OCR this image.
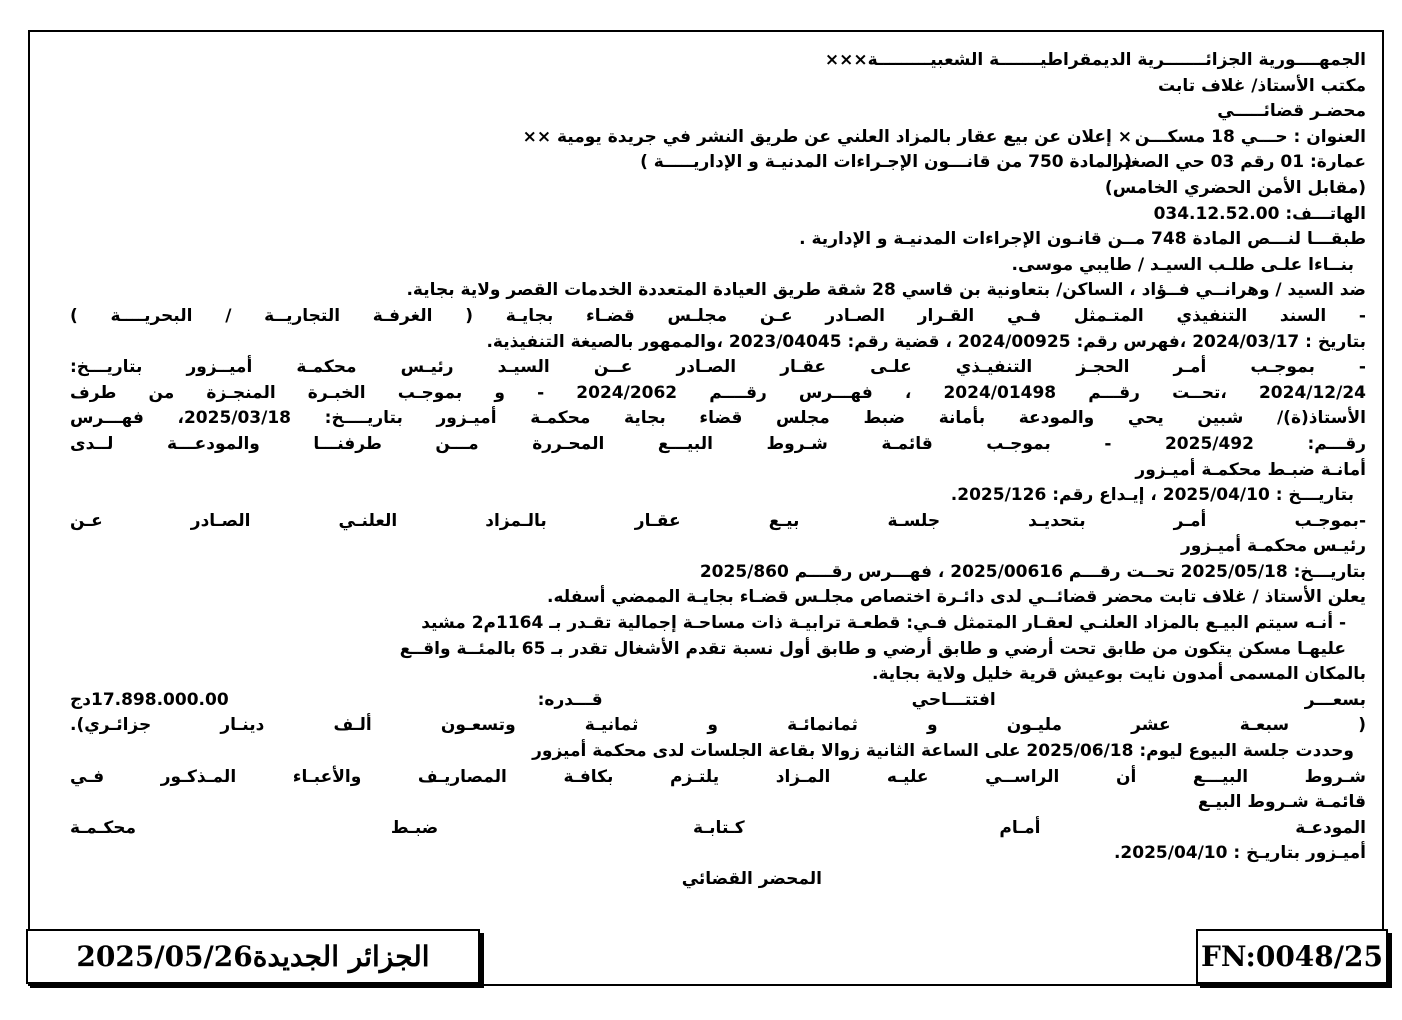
الجمهــــورية الجزائـــــــرية الديمقراطيـــــــة الشعبيـــــــــة×××
مكتب الأستاذ/ غلاف تابت
محضـر قضائـــــي
العنوان : حـــي 18 مسكـــن
× إعلان عن بيع عقار بالمزاد العلني عن طريق النشر في جريدة يومية ××
عمارة: 01 رقم 03 حي الصغير
( المادة 750 من قانـــون الإجـراءات المدنيـة و الإداريـــــة )
(مقابل الأمن الحضري الخامس)
الهاتـــف: 034.12.52.00
طبقـــا لنـــص المادة 748 مــن قانـون الإجراءات المدنيـة و الإدارية .
بنــاءا علـى طلـب السيـد / طايبي موسى.
ضد السيد / وهرانــي فــؤاد ، الساكن/ بتعاونية بن قاسي 28 شقة طريق العيادة المتعددة الخدمات القصر ولاية بجاية.
- السند التنفيذي المتـمثل فـي القـرار الصـادر عـن مجلـس قضـاء بجايـة ( الغرفـة التجاريــة / البحريــــة )
بتاريخ : 2024/03/17 ،فهرس رقم: 2024/00925 ، قضية رقم: 2023/04045 ،والممهور بالصيغة التنفيذية.
- بموجـب أمـر الحجـز التنفيـذي علـى عقـار الصـادر عــن السيـد رئيـس محكمـة أميــزور بتاريـــخ:
2024/12/24 ،تحــت رقـــم 2024/01498 ، فهـــرس رقــــم 2024/2062 - و بموجـب الخبـرة المنجـزة من طرف
الأستاذ(ة)/ شبين يحي والمودعة بأمانة ضبط مجلس قضاء بجاية محكمـة أميـزور بتاريــــخ: 2025/03/18، فهـــرس
رقـــم: 2025/492 - بموجـب قائمـة شـروط البيـــع المحـررة مـــن طرفنـــا والمودعـــة لــدى
أمانـة ضبـط محكمـة أميـزور
بتاريـــخ : 2025/04/10 ، إيـداع رقم: 2025/126.
-بموجـب أمـر بتحديـد جلسـة بيـع عقـار بالـمزاد العلنـي الصـادر عـن
رئيـس محكمـة أميـزور
بتاريـــخ: 2025/05/18 تحــت رقـــم 2025/00616 ، فهـــرس رقــــم 2025/860
يعلن الأستاذ / غلاف تابت محضر قضائــي لدى دائـرة اختصاص مجلـس قضـاء بجايـة الممضي أسفله.
- أنـه سيتم البيـع بالمزاد العلنـي لعقـار المتمثل فـي: قطعـة ترابيـة ذات مساحـة إجمالية تقـدر بـ 1164م2 مشيد
عليهـا مسكن يتكون من طابق تحت أرضي و طابق أرضي و طابق أول نسبة تقدم الأشغال تقدر بـ 65 بالمئــة واقــع
بالمكان المسمى أمدون نايت بوعيش قرية خليل ولاية بجاية.
بسعـــر افتتـــاحي قـــدره: 17.898.000.00دج
( سبعـة عشر مليـون و ثمانمائـة و ثمانيـة وتسعـون ألـف دينـار جزائـري).
وحددت جلسة البيوع ليوم: 2025/06/18 على الساعة الثانية زوالا بقاعة الجلسات لدى محكمة أميزور
شـروط البيـــع أن الراســي عليـه المـزاد يلتـزم بكافـة المصاريـف والأعبـاء المـذكـور فـي
قائمـة شـروط البيـع
المودعـة أمـام كـتابـة ضبـط محكـمـة
أميـزور بتاريـخ : 2025/04/10.
المحضر القضائي
الجزائر الجديدة2025/05/26	FN:0048/25
